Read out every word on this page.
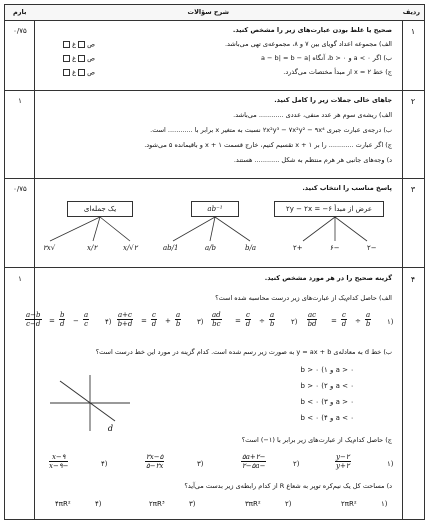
ردیف
شرح سؤالات
بارم
۱
۰/۷۵	صحیح یا غلط بودن عبارت‌های زیر را مشخص کنید.
الف) مجموعه اعداد گویای بین ۷ و ۸، مجموعه‌ی تهی می‌باشد.
ب) اگر a < ۰ و b > ۰، آنگاه |a − b| = b − a
ج) خط x = ۲ از مبدأ مختصات می‌گذرد.
ص  غ
ص  غ
ص  غ
۲
۱	جاهای خالی جملات زیر را کامل کنید.
الف) ریشه‌ی سوم هر عدد منفی، عددی ............ می‌باشد.
ب) درجه‌ی عبارت جبری ۲x²y³ − ۷x²y² − ۹x⁴ نسبت به متغیر x برابر با ............ است.
ج) اگر عبارت ............ را بر x + ۱ تقسیم کنیم، خارج قسمت x + ۱ و باقیمانده ۵ می‌شود.
د) وجه‌های جانبی هر هرم منتظم به شکل ............ هستند.
۳
۰/۷۵	پاسخ مناسب را انتخاب کنید.
عرض از مبدأ ۶− = ۲y − ۲x
ab⁻¹
یک جمله‌ای
−۲
−۶
+۲
b/a
a/b
1/ab
x/√۲
۲/x
√۲x
۴
۱	گزینه صحیح را در هر مورد مشخص کنید.
الف) حاصل کدام‌یک از عبارت‌های زیر درست محاسبه شده است؟
(۱
$\frac{a}{b}$
÷
$\frac{c}{d}$
=
$\frac{ac}{bd}$
(۲
$\frac{a}{b}$
÷
$\frac{c}{d}$
=
$\frac{ad}{bc}$
(۳
$\frac{a}{b}$
+
$\frac{c}{d}$
=
$\frac{a+c}{b+d}$
(۴
$\frac{a}{c}$
−
$\frac{b}{d}$
=
$\frac{a-b}{c-d}$
ب) خط d به معادله‌ی y = ax + b به صورت زیر رسم شده است. کدام گزینه در مورد این خط درست است؟
d
a > ۰ و b > ۰ (۱
a < ۰ و b > ۰ (۲
a > ۰ و b < ۰ (۳
a < ۰ و b < ۰ (۴
ج) حاصل کدام‌یک از عبارت‌های زیر برابر با (۱−) است؟
(۱
$\frac{۲-y}{y+۲}$
(۲
$\frac{-۵a+۲}{-۲-۵a}$
(۳
$\frac{۲x-۵}{۵-۲x}$
(۴
$\frac{x-۹}{-x-۹}$
د) مساحت کل یک نیم‌کره توپر به شعاع R از کدام رابطه‌ی زیر بدست می‌آید؟
(۱
۲πR²
(۲
۳πR²
(۳
۲πR³
(۴
۴πR²
